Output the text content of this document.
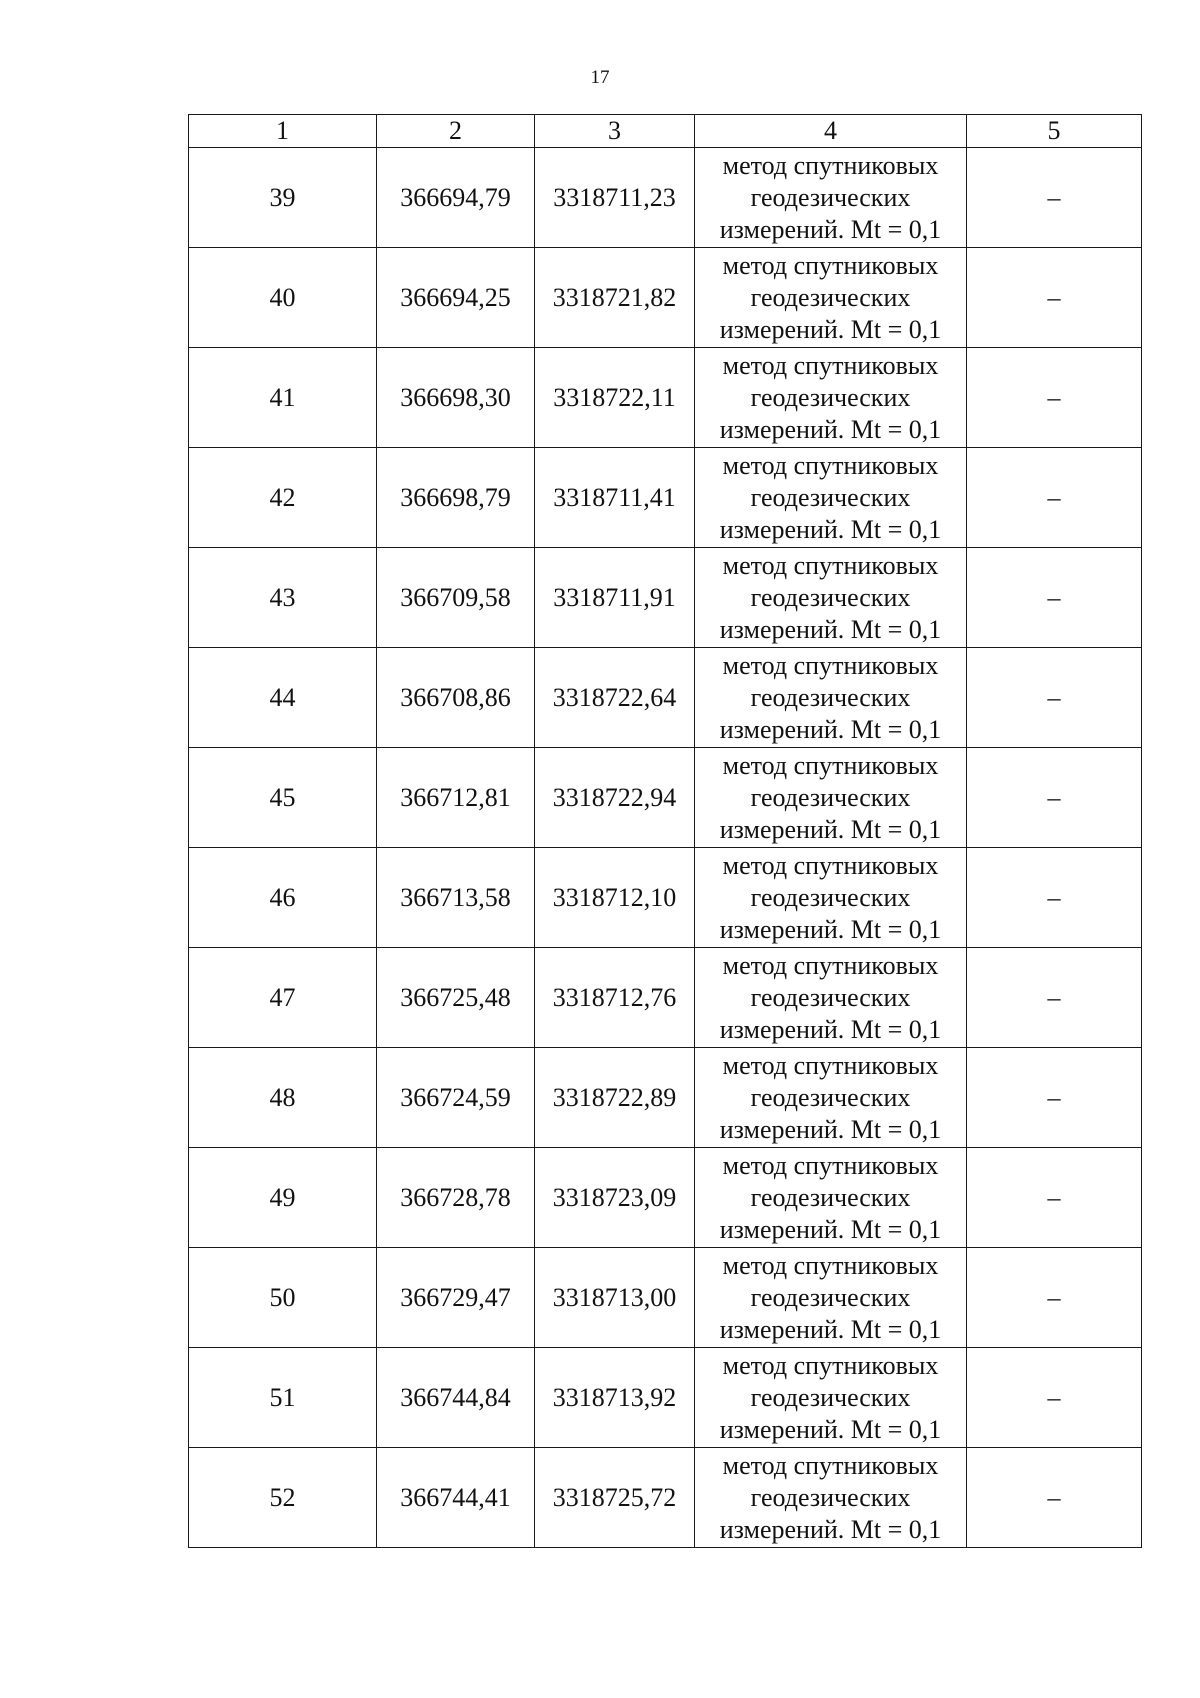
17
1	2	3	4	5
39	366694,79	3318711,23	метод спутниковых
геодезических
измерений. Mt = 0,1	–
40	366694,25	3318721,82	метод спутниковых
геодезических
измерений. Mt = 0,1	–
41	366698,30	3318722,11	метод спутниковых
геодезических
измерений. Mt = 0,1	–
42	366698,79	3318711,41	метод спутниковых
геодезических
измерений. Mt = 0,1	–
43	366709,58	3318711,91	метод спутниковых
геодезических
измерений. Mt = 0,1	–
44	366708,86	3318722,64	метод спутниковых
геодезических
измерений. Mt = 0,1	–
45	366712,81	3318722,94	метод спутниковых
геодезических
измерений. Mt = 0,1	–
46	366713,58	3318712,10	метод спутниковых
геодезических
измерений. Mt = 0,1	–
47	366725,48	3318712,76	метод спутниковых
геодезических
измерений. Mt = 0,1	–
48	366724,59	3318722,89	метод спутниковых
геодезических
измерений. Mt = 0,1	–
49	366728,78	3318723,09	метод спутниковых
геодезических
измерений. Mt = 0,1	–
50	366729,47	3318713,00	метод спутниковых
геодезических
измерений. Mt = 0,1	–
51	366744,84	3318713,92	метод спутниковых
геодезических
измерений. Mt = 0,1	–
52	366744,41	3318725,72	метод спутниковых
геодезических
измерений. Mt = 0,1	–
